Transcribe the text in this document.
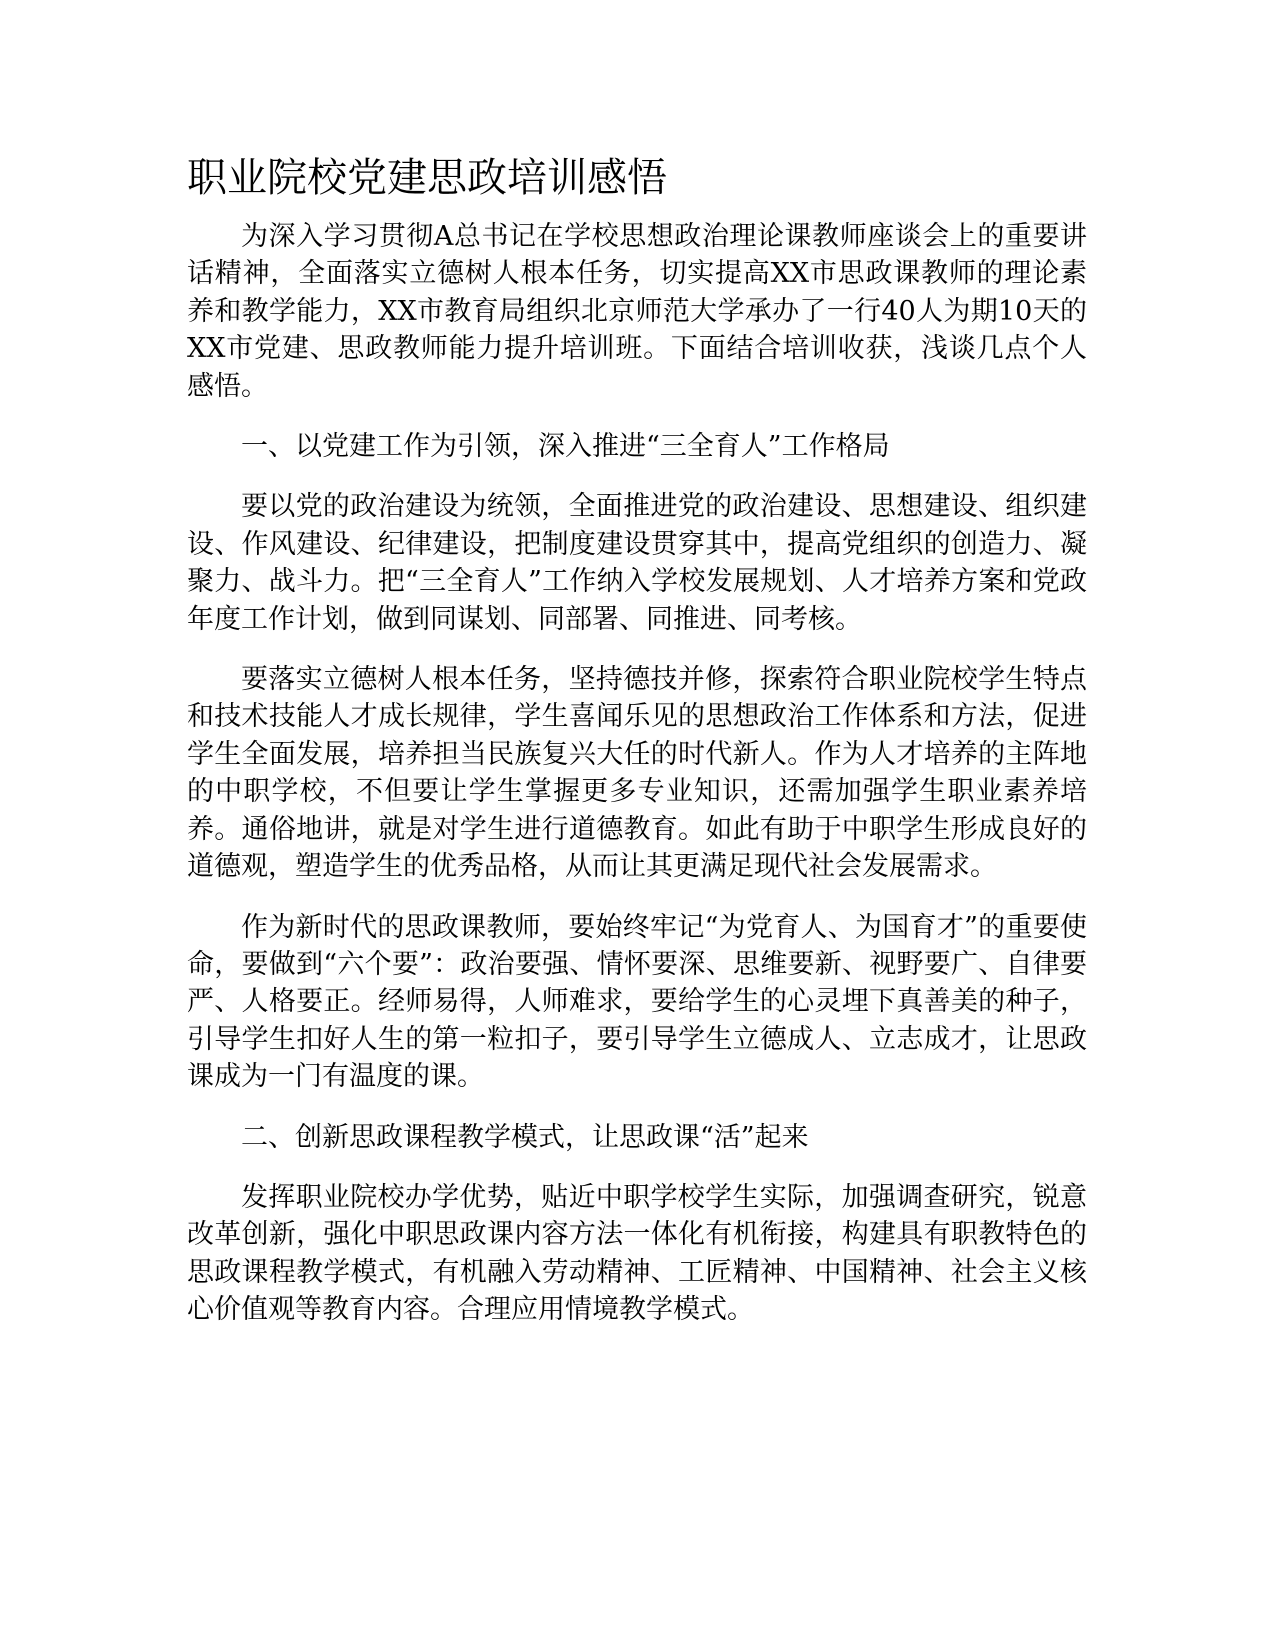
职业院校党建思政培训感悟

为深入学习贯彻A总书记在学校思想政治理论课教师座谈会上的重要讲话精神，全面落实立德树人根本任务，切实提高XX市思政课教师的理论素养和教学能力，XX市教育局组织北京师范大学承办了一行40人为期10天的XX市党建、思政教师能力提升培训班。下面结合培训收获，浅谈几点个人感悟。

一、以党建工作为引领，深入推进“三全育人”工作格局

要以党的政治建设为统领，全面推进党的政治建设、思想建设、组织建设、作风建设、纪律建设，把制度建设贯穿其中，提高党组织的创造力、凝聚力、战斗力。把“三全育人”工作纳入学校发展规划、人才培养方案和党政年度工作计划，做到同谋划、同部署、同推进、同考核。

要落实立德树人根本任务，坚持德技并修，探索符合职业院校学生特点和技术技能人才成长规律，学生喜闻乐见的思想政治工作体系和方法，促进学生全面发展，培养担当民族复兴大任的时代新人。作为人才培养的主阵地的中职学校，不但要让学生掌握更多专业知识，还需加强学生职业素养培养。通俗地讲，就是对学生进行道德教育。如此有助于中职学生形成良好的道德观，塑造学生的优秀品格，从而让其更满足现代社会发展需求。

作为新时代的思政课教师，要始终牢记“为党育人、为国育才”的重要使命，要做到“六个要”：政治要强、情怀要深、思维要新、视野要广、自律要严、人格要正。经师易得，人师难求，要给学生的心灵埋下真善美的种子，引导学生扣好人生的第一粒扣子，要引导学生立德成人、立志成才，让思政课成为一门有温度的课。

二、创新思政课程教学模式，让思政课“活”起来

发挥职业院校办学优势，贴近中职学校学生实际，加强调查研究，锐意改革创新，强化中职思政课内容方法一体化有机衔接，构建具有职教特色的思政课程教学模式，有机融入劳动精神、工匠精神、中国精神、社会主义核心价值观等教育内容。合理应用情境教学模式。
